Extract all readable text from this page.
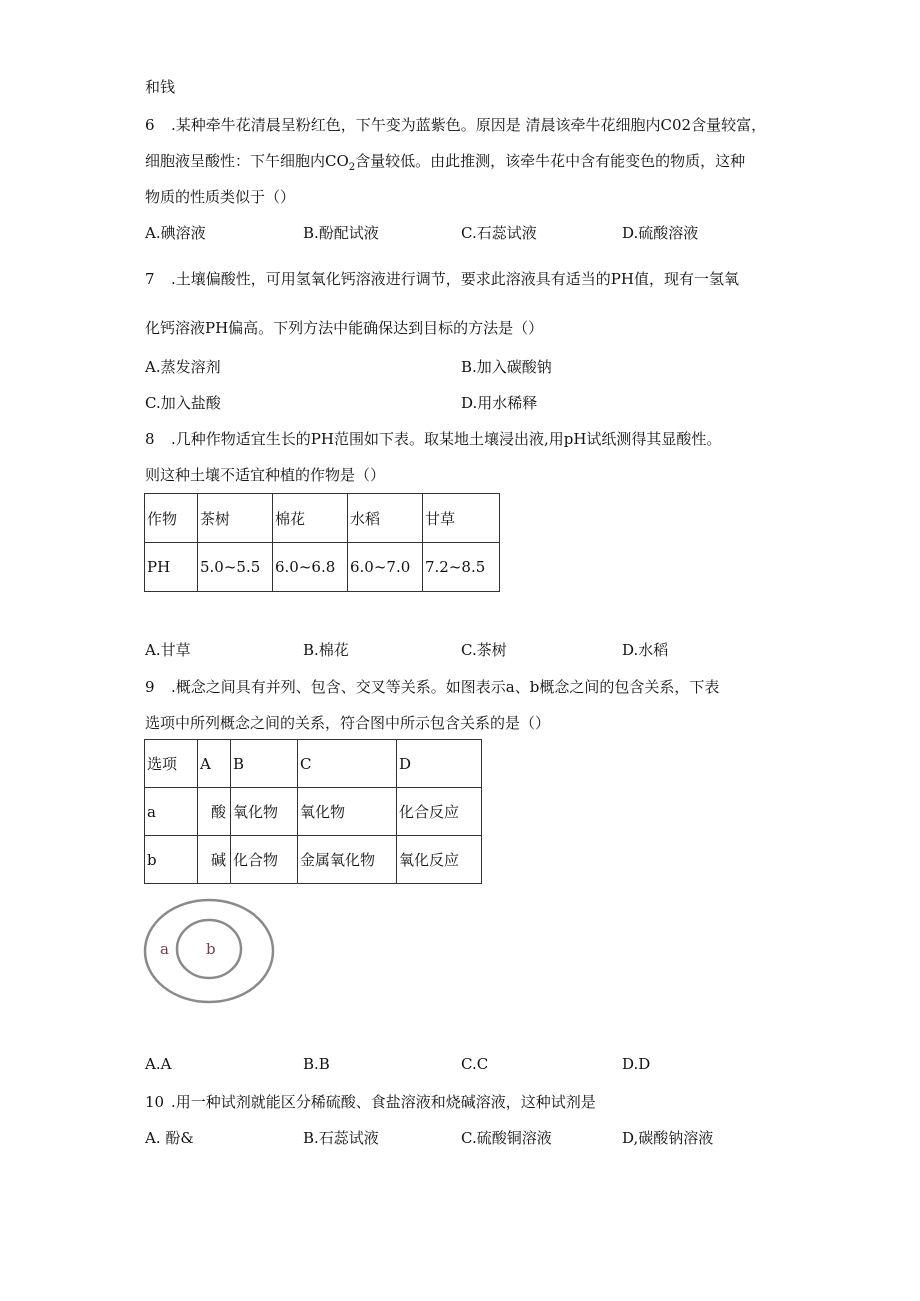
和钱
6 .某种牵牛花清晨呈粉红色，下午变为蓝紫色。原因是 清晨该牵牛花细胞内C02含量较富，
细胞液呈酸性：下午细胞内$CO_2$含量较低。由此推测，该牵牛花中含有能变色的物质，这种
物质的性质类似于（）
A.碘溶液	B.酚配试液	C.石蕊试液	D.硫酸溶液
7 .土壤偏酸性，可用氢氧化钙溶液进行调节，要求此溶液具有适当的PH值，现有一氢氧
化钙溶液PH偏高。下列方法中能确保达到目标的方法是（）
A.蒸发溶剂	B.加入碳酸钠
C.加入盐酸	D.用水稀释
8 .几种作物适宜生长的PH范围如下表。取某地土壤浸出液,用pH试纸测得其显酸性。
则这种土壤不适宜种植的作物是（）
作物	茶树	棉花	水稻	甘草
PH	5.0~5.5	6.0~6.8	6.0~7.0	7.2~8.5
A.甘草	B.棉花	C.茶树	D.水稻
9 .概念之间具有并列、包含、交叉等关系。如图表示a、b概念之间的包含关系，下表
选项中所列概念之间的关系，符合图中所示包含关系的是（）
选项	A	B	C	D
a	酸	氧化物	氧化物	化合反应
b	碱	化合物	金属氧化物	氧化反应
a b
A.A	B.B	C.C	D.D
10 .用一种试剂就能区分稀硫酸、食盐溶液和烧碱溶液，这种试剂是
A. 酚&	B.石蕊试液	C.硫酸铜溶液	D,碳酸钠溶液
